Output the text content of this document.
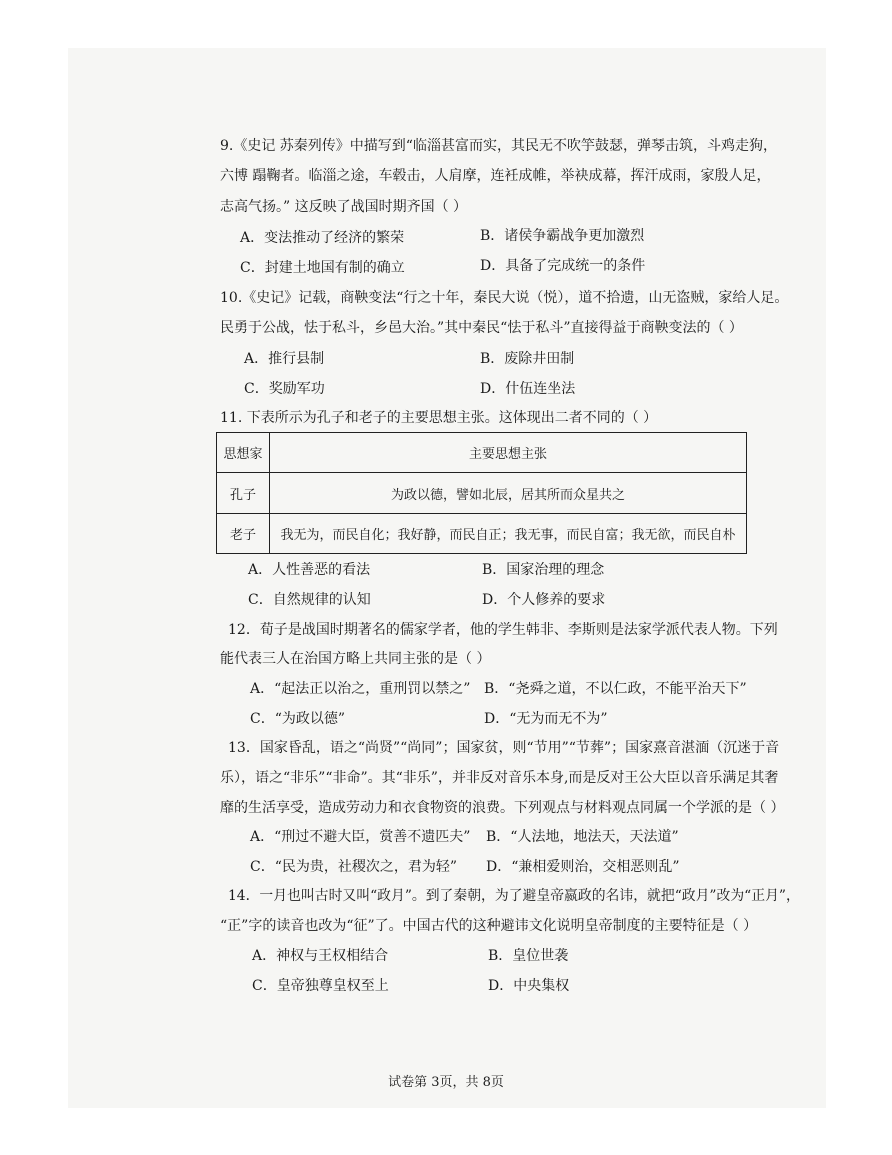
9.《史记 苏秦列传》中描写到“临淄甚富而实，其民无不吹竽鼓瑟，弹琴击筑，斗鸡走狗，
六博 蹋鞠者。临淄之途，车毂击，人肩摩，连衽成帷，举袂成幕，挥汗成雨，家殷人足，
志高气扬。” 这反映了战国时期齐国（ ）
A．变法推动了经济的繁荣	B．诸侯争霸战争更加激烈
C．封建土地国有制的确立	D．具备了完成统一的条件
10.《史记》记载，商鞅变法“行之十年，秦民大说（悦），道不拾遗，山无盗贼，家给人足。
民勇于公战，怯于私斗，乡邑大治。”其中秦民“怯于私斗”直接得益于商鞅变法的（ ）
A．推行县制	B．废除井田制
C．奖励军功	D．什伍连坐法
11. 下表所示为孔子和老子的主要思想主张。这体现出二者不同的（ ）
思想家	主要思想主张
孔子	为政以德，譬如北辰，居其所而众星共之
老子	我无为，而民自化；我好静，而民自正；我无事，而民自富；我无欲，而民自朴
A．人性善恶的看法	B．国家治理的理念
C．自然规律的认知	D．个人修养的要求
12．荀子是战国时期著名的儒家学者，他的学生韩非、李斯则是法家学派代表人物。下列
能代表三人在治国方略上共同主张的是（ ）
A．“起法正以治之，重刑罚以禁之” B．“尧舜之道，不以仁政，不能平治天下”
C．“为政以德”	D．“无为而无不为”
13．国家昏乱，语之“尚贤”“尚同”；国家贫，则“节用”“节葬”；国家熹音湛湎（沉迷于音
乐），语之“非乐”“非命”。其“非乐”，并非反对音乐本身,而是反对王公大臣以音乐满足其奢
靡的生活享受，造成劳动力和衣食物资的浪费。下列观点与材料观点同属一个学派的是（ ）
A．“刑过不避大臣，赏善不遗匹夫” B．“人法地，地法天，天法道”
C．“民为贵，社稷次之，君为轻” D．“兼相爱则治，交相恶则乱”
14．一月也叫古时又叫“政月”。到了秦朝，为了避皇帝嬴政的名讳，就把“政月”改为“正月”，
“正”字的读音也改为“征”了。中国古代的这种避讳文化说明皇帝制度的主要特征是（ ）
A．神权与王权相结合	B．皇位世袭
C．皇帝独尊皇权至上	D．中央集权
试卷第 3页，共 8页
